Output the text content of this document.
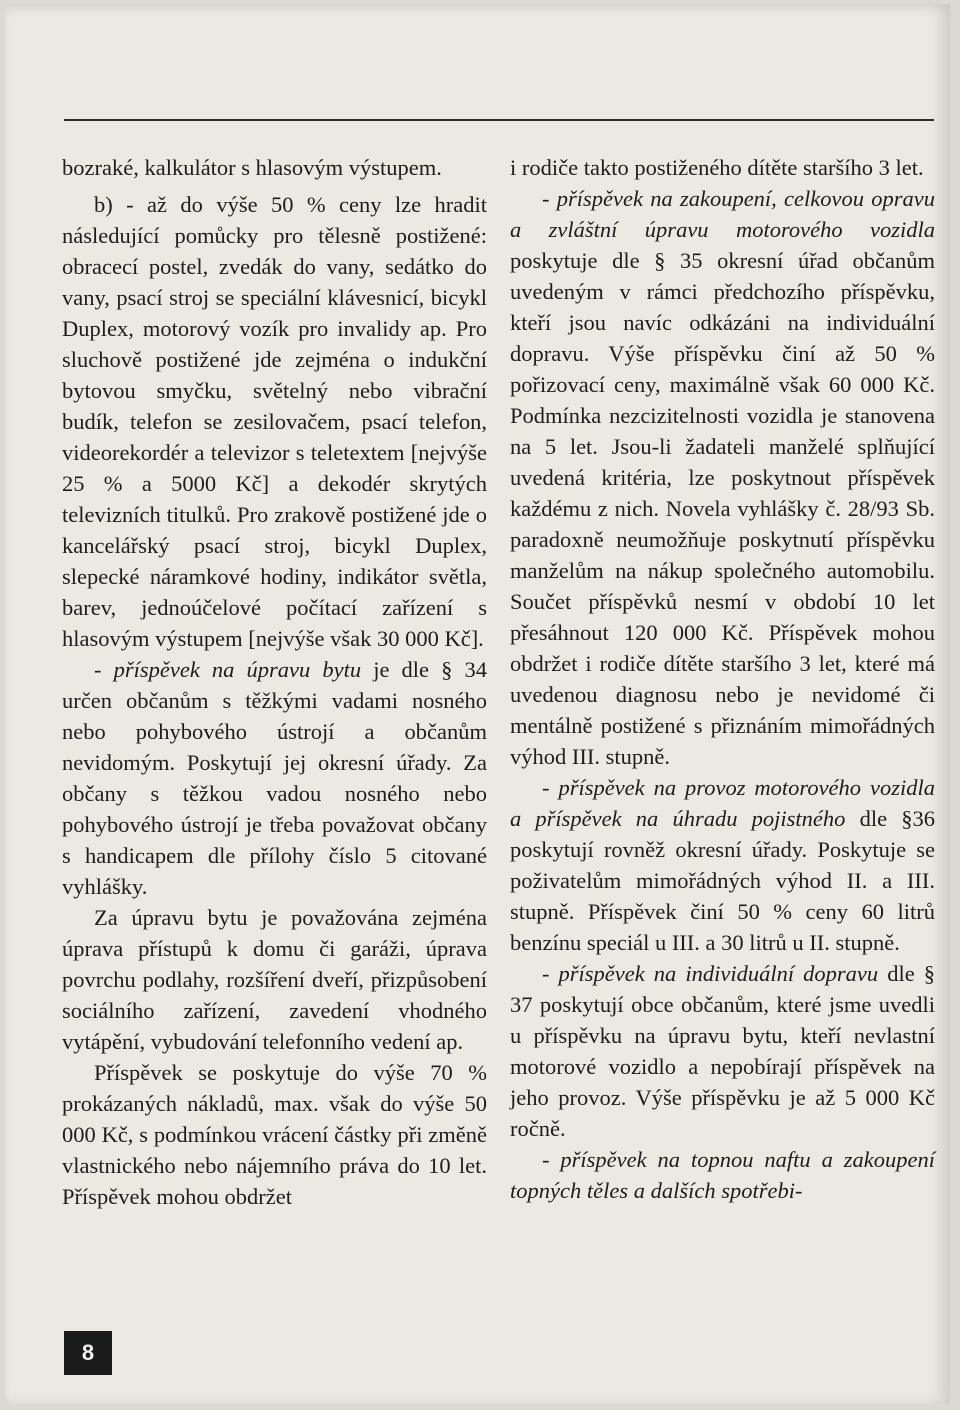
bozraké, kalkulátor s hlasovým výstupem.

b) - až do výše 50 % ceny lze hradit následující pomůcky pro tělesně postižené: obracecí postel, zvedák do vany, sedátko do vany, psací stroj se speciální klávesnicí, bicykl Duplex, motorový vozík pro invalidy ap. Pro sluchově postižené jde zejména o indukční bytovou smyčku, světelný nebo vibrační budík, telefon se zesilovačem, psací telefon, videorekordér a televizor s teletextem [nejvýše 25 % a 5000 Kč] a dekodér skrytých televizních titulků. Pro zrakově postižené jde o kancelářský psací stroj, bicykl Duplex, slepecké náramkové hodiny, indikátor světla, barev, jednoúčelové počítací zařízení s hlasovým výstupem [nejvýše však 30 000 Kč].

- příspěvek na úpravu bytu je dle § 34 určen občanům s těžkými vadami nosného nebo pohybového ústrojí a občanům nevidomým. Poskytují jej okresní úřady. Za občany s těžkou vadou nosného nebo pohybového ústrojí je třeba považovat občany s handicapem dle přílohy číslo 5 citované vyhlášky.

Za úpravu bytu je považována zejména úprava přístupů k domu či garáži, úprava povrchu podlahy, rozšíření dveří, přizpůsobení sociálního zařízení, zavedení vhodného vytápění, vybudování telefonního vedení ap.

Příspěvek se poskytuje do výše 70 % prokázaných nákladů, max. však do výše 50 000 Kč, s podmínkou vrácení částky při změně vlastnického nebo nájemního práva do 10 let. Příspěvek mohou obdržet

i rodiče takto postiženého dítěte staršího 3 let.

- příspěvek na zakoupení, celkovou opravu a zvláštní úpravu motorového vozidla poskytuje dle § 35 okresní úřad občanům uvedeným v rámci předchozího příspěvku, kteří jsou navíc odkázáni na individuální dopravu. Výše příspěvku činí až 50 % pořizovací ceny, maximálně však 60 000 Kč. Podmínka nezcizitelnosti vozidla je stanovena na 5 let. Jsou-li žadateli manželé splňující uvedená kritéria, lze poskytnout příspěvek každému z nich. Novela vyhlášky č. 28/93 Sb. paradoxně neumožňuje poskytnutí příspěvku manželům na nákup společného automobilu. Součet příspěvků nesmí v období 10 let přesáhnout 120 000 Kč. Příspěvek mohou obdržet i rodiče dítěte staršího 3 let, které má uvedenou diagnosu nebo je nevidomé či mentálně postižené s přiznáním mimořádných výhod III. stupně.

- příspěvek na provoz motorového vozidla a příspěvek na úhradu pojistného dle §36 poskytují rovněž okresní úřady. Poskytuje se poživatelům mimořádných výhod II. a III. stupně. Příspěvek činí 50 % ceny 60 litrů benzínu speciál u III. a 30 litrů u II. stupně.

- příspěvek na individuální dopravu dle § 37 poskytují obce občanům, které jsme uvedli u příspěvku na úpravu bytu, kteří nevlastní motorové vozidlo a nepobírají příspěvek na jeho provoz. Výše příspěvku je až 5 000 Kč ročně.

- příspěvek na topnou naftu a zakoupení topných těles a dalších spotřebi-

8
